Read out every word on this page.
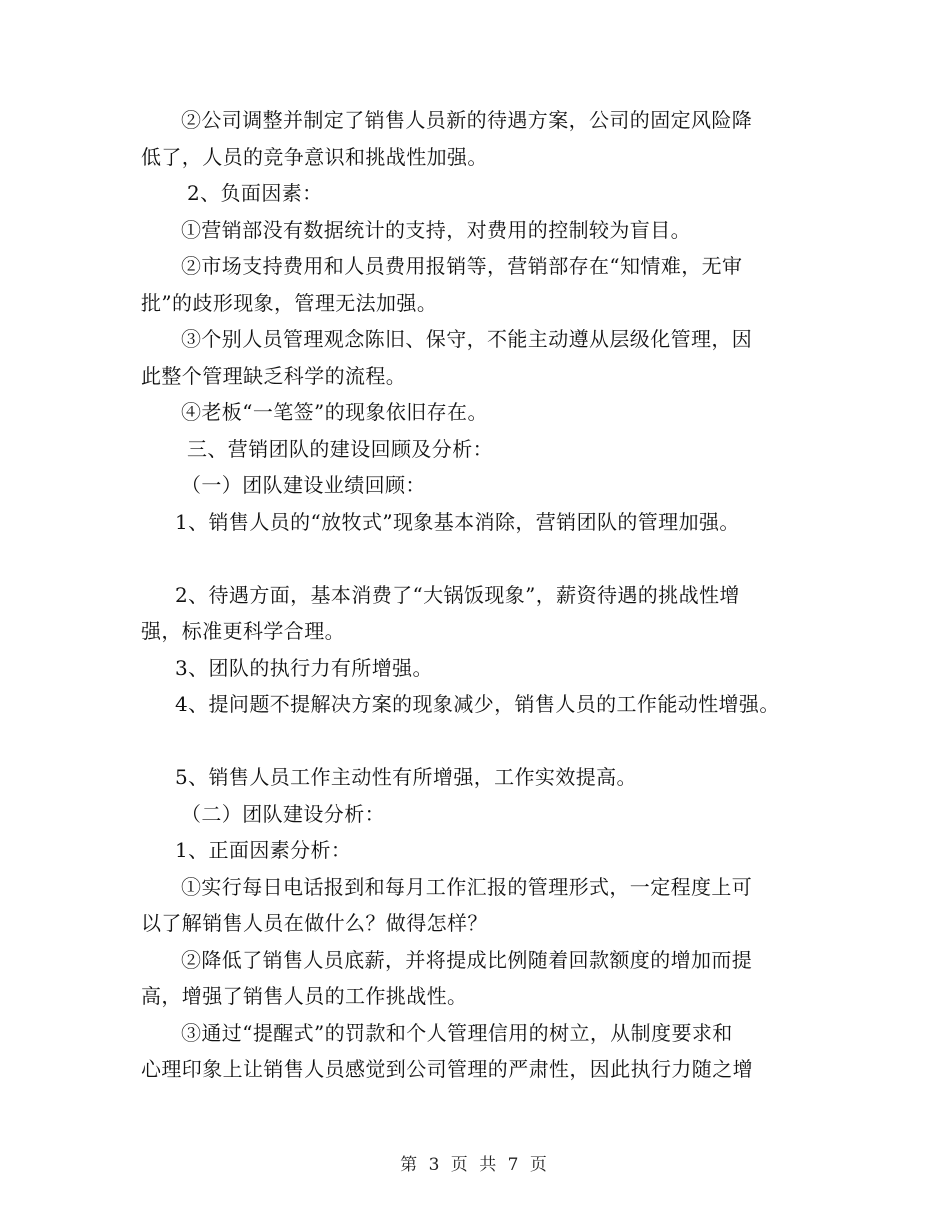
②公司调整并制定了销售人员新的待遇方案，公司的固定风险降
低了，人员的竞争意识和挑战性加强。
2、负面因素：
①营销部没有数据统计的支持，对费用的控制较为盲目。
②市场支持费用和人员费用报销等，营销部存在“知情难，无审
批”的歧形现象，管理无法加强。
③个别人员管理观念陈旧、保守，不能主动遵从层级化管理，因
此整个管理缺乏科学的流程。
④老板“一笔签”的现象依旧存在。
三、营销团队的建设回顾及分析：
（一）团队建设业绩回顾：
1、销售人员的“放牧式”现象基本消除，营销团队的管理加强。
2、待遇方面，基本消费了“大锅饭现象”，薪资待遇的挑战性增
强，标准更科学合理。
3、团队的执行力有所增强。
4、提问题不提解决方案的现象减少，销售人员的工作能动性增强。
5、销售人员工作主动性有所增强，工作实效提高。
（二）团队建设分析：
1、正面因素分析：
①实行每日电话报到和每月工作汇报的管理形式，一定程度上可
以了解销售人员在做什么？做得怎样？
②降低了销售人员底薪，并将提成比例随着回款额度的增加而提
高，增强了销售人员的工作挑战性。
③通过“提醒式”的罚款和个人管理信用的树立，从制度要求和
心理印象上让销售人员感觉到公司管理的严肃性，因此执行力随之增
第 3 页 共 7 页
